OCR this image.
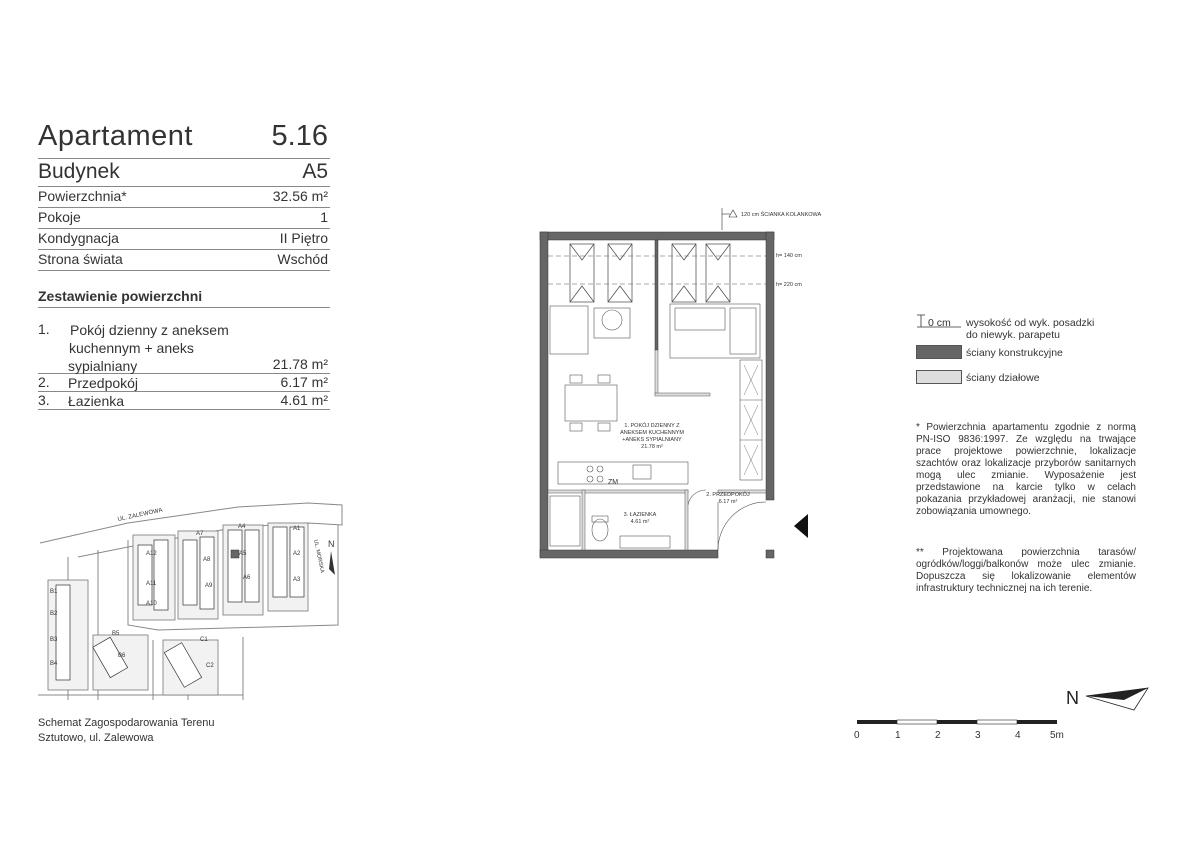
Apartament	5.16
Budynek	A5
Powierzchnia*	32.56 m²
Pokoje	1
Kondygnacja	II Piętro
Strona świata	Wschód
Zestawienie powierzchni
1. Pokój dzienny z aneksem
kuchennym + aneks
sypialniany	21.78 m²
2. Przedpokój	6.17 m²
3. Łazienka	4.61 m²
UL. ZALEWOWA
UL. MORSKA
A12
A11
A10
A7
A8
A9
A4
A5
A6
A1
A2
A3
B1
B2
B3
B4
B5
B6
C1
C2
N
Schemat Zagospodarowania Terenu
Sztutowo, ul. Zalewowa
120 cm ŚCIANKA KOLANKOWA
h= 140 cm
h= 220 cm
1. POKÓJ DZIENNY Z
ANEKSEM KUCHENNYM
+ANEKS SYPIALNIANY
21.78 m²
2. PRZEDPOKÓJ
6.17 m²
3. ŁAZIENKA
4.61 m²
ZM
0 cm wysokość od wyk. posadzki
do niewyk. parapetu
ściany konstrukcyjne
ściany działowe
* Powierzchnia apartamentu zgodnie z normą PN-ISO 9836:1997. Ze względu na trwające prace projektowe powierzchnie, lokalizacje szachtów oraz lokalizacje przyborów sanitarnych mogą ulec zmianie. Wyposażenie jest przedstawione na karcie tylko w celach pokazania przykładowej aranżacji, nie stanowi zobowiązania umownego.
** Projektowana powierzchnia tarasów/ ogródków/loggi/balkonów może ulec zmianie. Dopuszcza się lokalizowanie elementów infrastruktury technicznej na ich terenie.
N
0	1	2	3	4	5m
